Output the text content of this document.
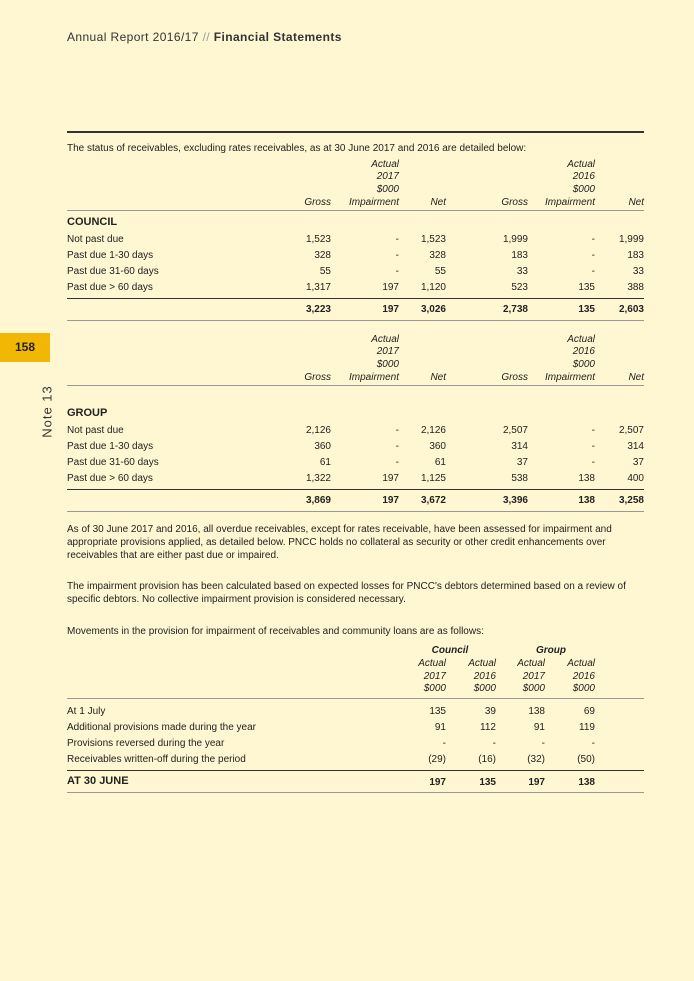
Annual Report 2016/17 // Financial Statements
158
Note 13
The status of receivables, excluding rates receivables, as at 30 June 2017 and 2016 are detailed below:
Actual
2017
$000
Actual
2016
$000
Gross	Impairment	Net	Gross	Impairment	Net
COUNCIL
Not past due	1,523	-	1,523	1,999	-	1,999
Past due 1-30 days	328	-	328	183	-	183
Past due 31-60 days	55	-	55	33	-	33
Past due > 60 days	1,317	197	1,120	523	135	388
3,223	197	3,026	2,738	135	2,603
Actual
2017
$000
Actual
2016
$000
Gross	Impairment	Net	Gross	Impairment	Net
GROUP
Not past due	2,126	-	2,126	2,507	-	2,507
Past due 1-30 days	360	-	360	314	-	314
Past due 31-60 days	61	-	61	37	-	37
Past due > 60 days	1,322	197	1,125	538	138	400
3,869	197	3,672	3,396	138	3,258
As of 30 June 2017 and 2016, all overdue receivables, except for rates receivable, have been assessed for impairment and appropriate provisions applied, as detailed below. PNCC holds no collateral as security or other credit enhancements over receivables that are either past due or impaired.
The impairment provision has been calculated based on expected losses for PNCC's debtors determined based on a review of specific debtors. No collective impairment provision is considered necessary.
Movements in the provision for impairment of receivables and community loans are as follows:
Council	Group
Actual
2017
$000
Actual
2016
$000
Actual
2017
$000
Actual
2016
$000
At 1 July	135	39	138	69
Additional provisions made during the year	91	112	91	119
Provisions reversed during the year	-	-	-	-
Receivables written-off during the period	(29)	(16)	(32)	(50)
AT 30 JUNE	197	135	197	138
